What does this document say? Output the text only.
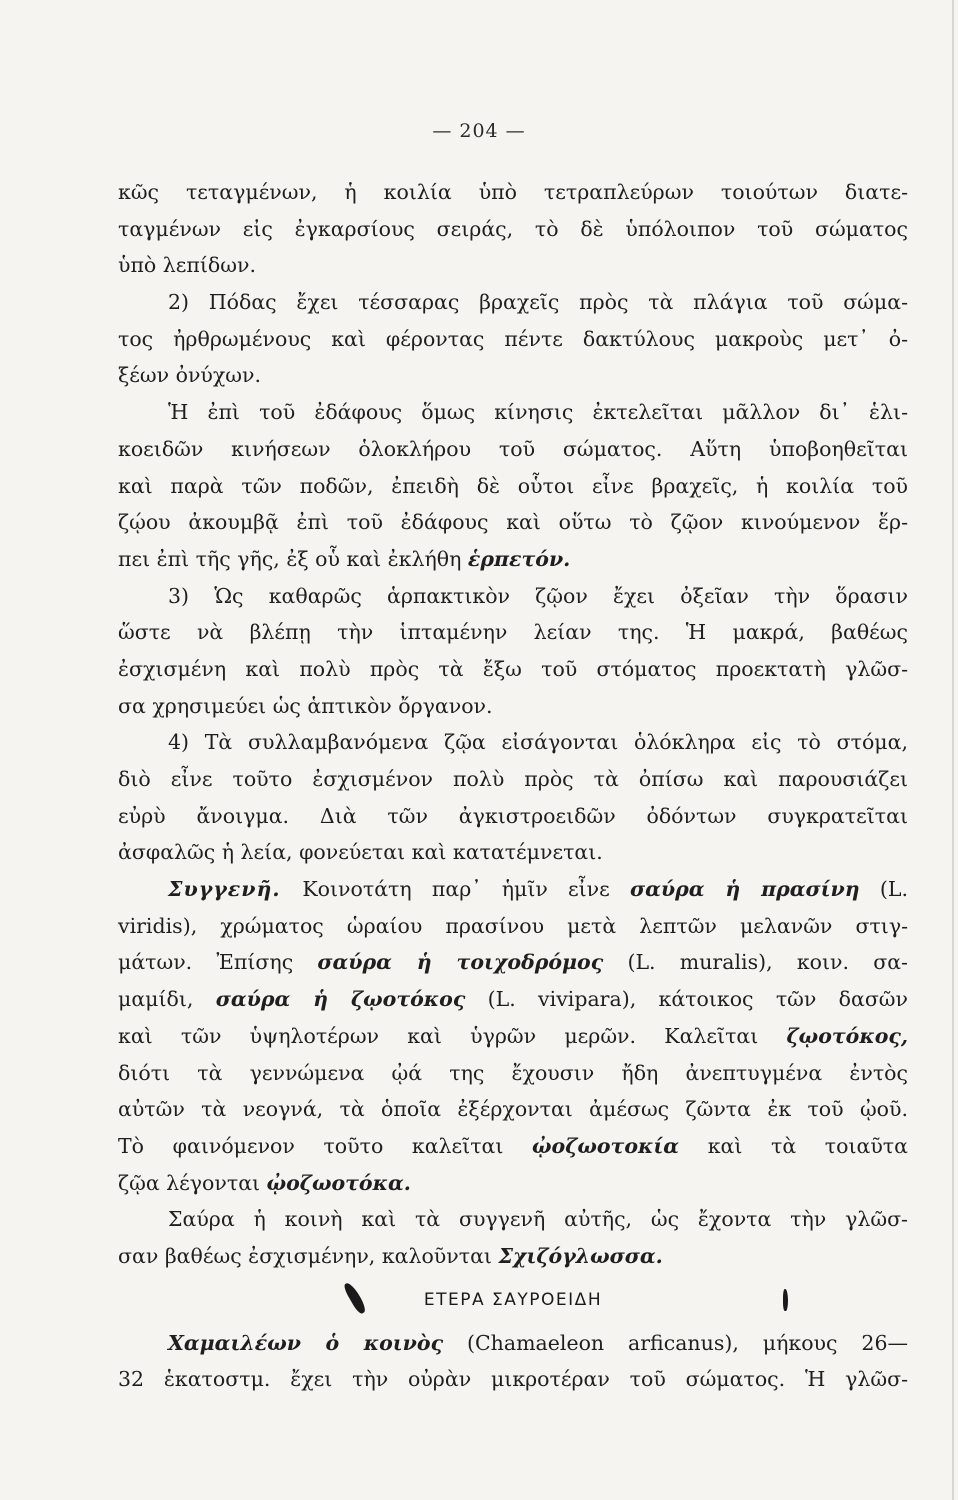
— 204 —
κῶς τεταγμένων, ἡ κοιλία ὑπὸ τετραπλεύρων τοιούτων διατε-
ταγμένων εἰς ἐγκαρσίους σειράς, τὸ δὲ ὑπόλοιπον τοῦ σώματος
ὑπὸ λεπίδων.
2) Πόδας ἔχει τέσσαρας βραχεῖς πρὸς τὰ πλάγια τοῦ σώμα-
τος ἠρθρωμένους καὶ φέροντας πέντε δακτύλους μακροὺς μετ᾽ ὀ-
ξέων ὀνύχων.
Ἡ ἐπὶ τοῦ ἐδάφους ὅμως κίνησις ἐκτελεῖται μᾶλλον δι᾽ ἑλι-
κοειδῶν κινήσεων ὁλοκλήρου τοῦ σώματος. Αὕτη ὑποβοηθεῖται
καὶ παρὰ τῶν ποδῶν, ἐπειδὴ δὲ οὗτοι εἶνε βραχεῖς, ἡ κοιλία τοῦ
ζῴου ἀκουμβᾷ ἐπὶ τοῦ ἐδάφους καὶ οὕτω τὸ ζῷον κινούμενον ἕρ-
πει ἐπὶ τῆς γῆς, ἐξ οὗ καὶ ἐκλήθη ἑρπετόν.
3) Ὡς καθαρῶς ἁρπακτικὸν ζῷον ἔχει ὀξεῖαν τὴν ὅρασιν
ὥστε νὰ βλέπῃ τὴν ἱπταμένην λείαν της. Ἡ μακρά, βαθέως
ἐσχισμένη καὶ πολὺ πρὸς τὰ ἔξω τοῦ στόματος προεκτατὴ γλῶσ-
σα χρησιμεύει ὡς ἁπτικὸν ὄργανον.
4) Τὰ συλλαμβανόμενα ζῷα εἰσάγονται ὁλόκληρα εἰς τὸ στόμα,
διὸ εἶνε τοῦτο ἐσχισμένον πολὺ πρὸς τὰ ὀπίσω καὶ παρουσιάζει
εὐρὺ ἄνοιγμα. Διὰ τῶν ἀγκιστροειδῶν ὀδόντων συγκρατεῖται
ἀσφαλῶς ἡ λεία, φονεύεται καὶ κατατέμνεται.
Συγγενῆ. Κοινοτάτη παρ᾽ ἡμῖν εἶνε σαύρα ἡ πρασίνη (L.
viridis), χρώματος ὡραίου πρασίνου μετὰ λεπτῶν μελανῶν στιγ-
μάτων. Ἐπίσης σαύρα ἡ τοιχοδρόμος (L. muralis), κοιν. σα-
μαμίδι, σαύρα ἡ ζῳοτόκος (L. vivipara), κάτοικος τῶν δασῶν
καὶ τῶν ὑψηλοτέρων καὶ ὑγρῶν μερῶν. Καλεῖται ζῳοτόκος,
διότι τὰ γεννώμενα ᾠά της ἔχουσιν ἤδη ἀνεπτυγμένα ἐντὸς
αὐτῶν τὰ νεογνά, τὰ ὁποῖα ἐξέρχονται ἀμέσως ζῶντα ἐκ τοῦ ᾠοῦ.
Τὸ φαινόμενον τοῦτο καλεῖται ᾠοζωοτοκία καὶ τὰ τοιαῦτα
ζῷα λέγονται ᾠοζωοτόκα.
Σαύρα ἡ κοινὴ καὶ τὰ συγγενῆ αὐτῆς, ὡς ἔχοντα τὴν γλῶσ-
σαν βαθέως ἐσχισμένην, καλοῦνται Σχιζόγλωσσα.
ΕΤΕΡΑ ΣΑΥΡΟΕΙΔΗ
Χαμαιλέων ὁ κοινὸς (Chamaeleon arficanus), μήκους 26—
32 ἑκατοστμ. ἔχει τὴν οὐρὰν μικροτέραν τοῦ σώματος. Ἡ γλῶσ-
